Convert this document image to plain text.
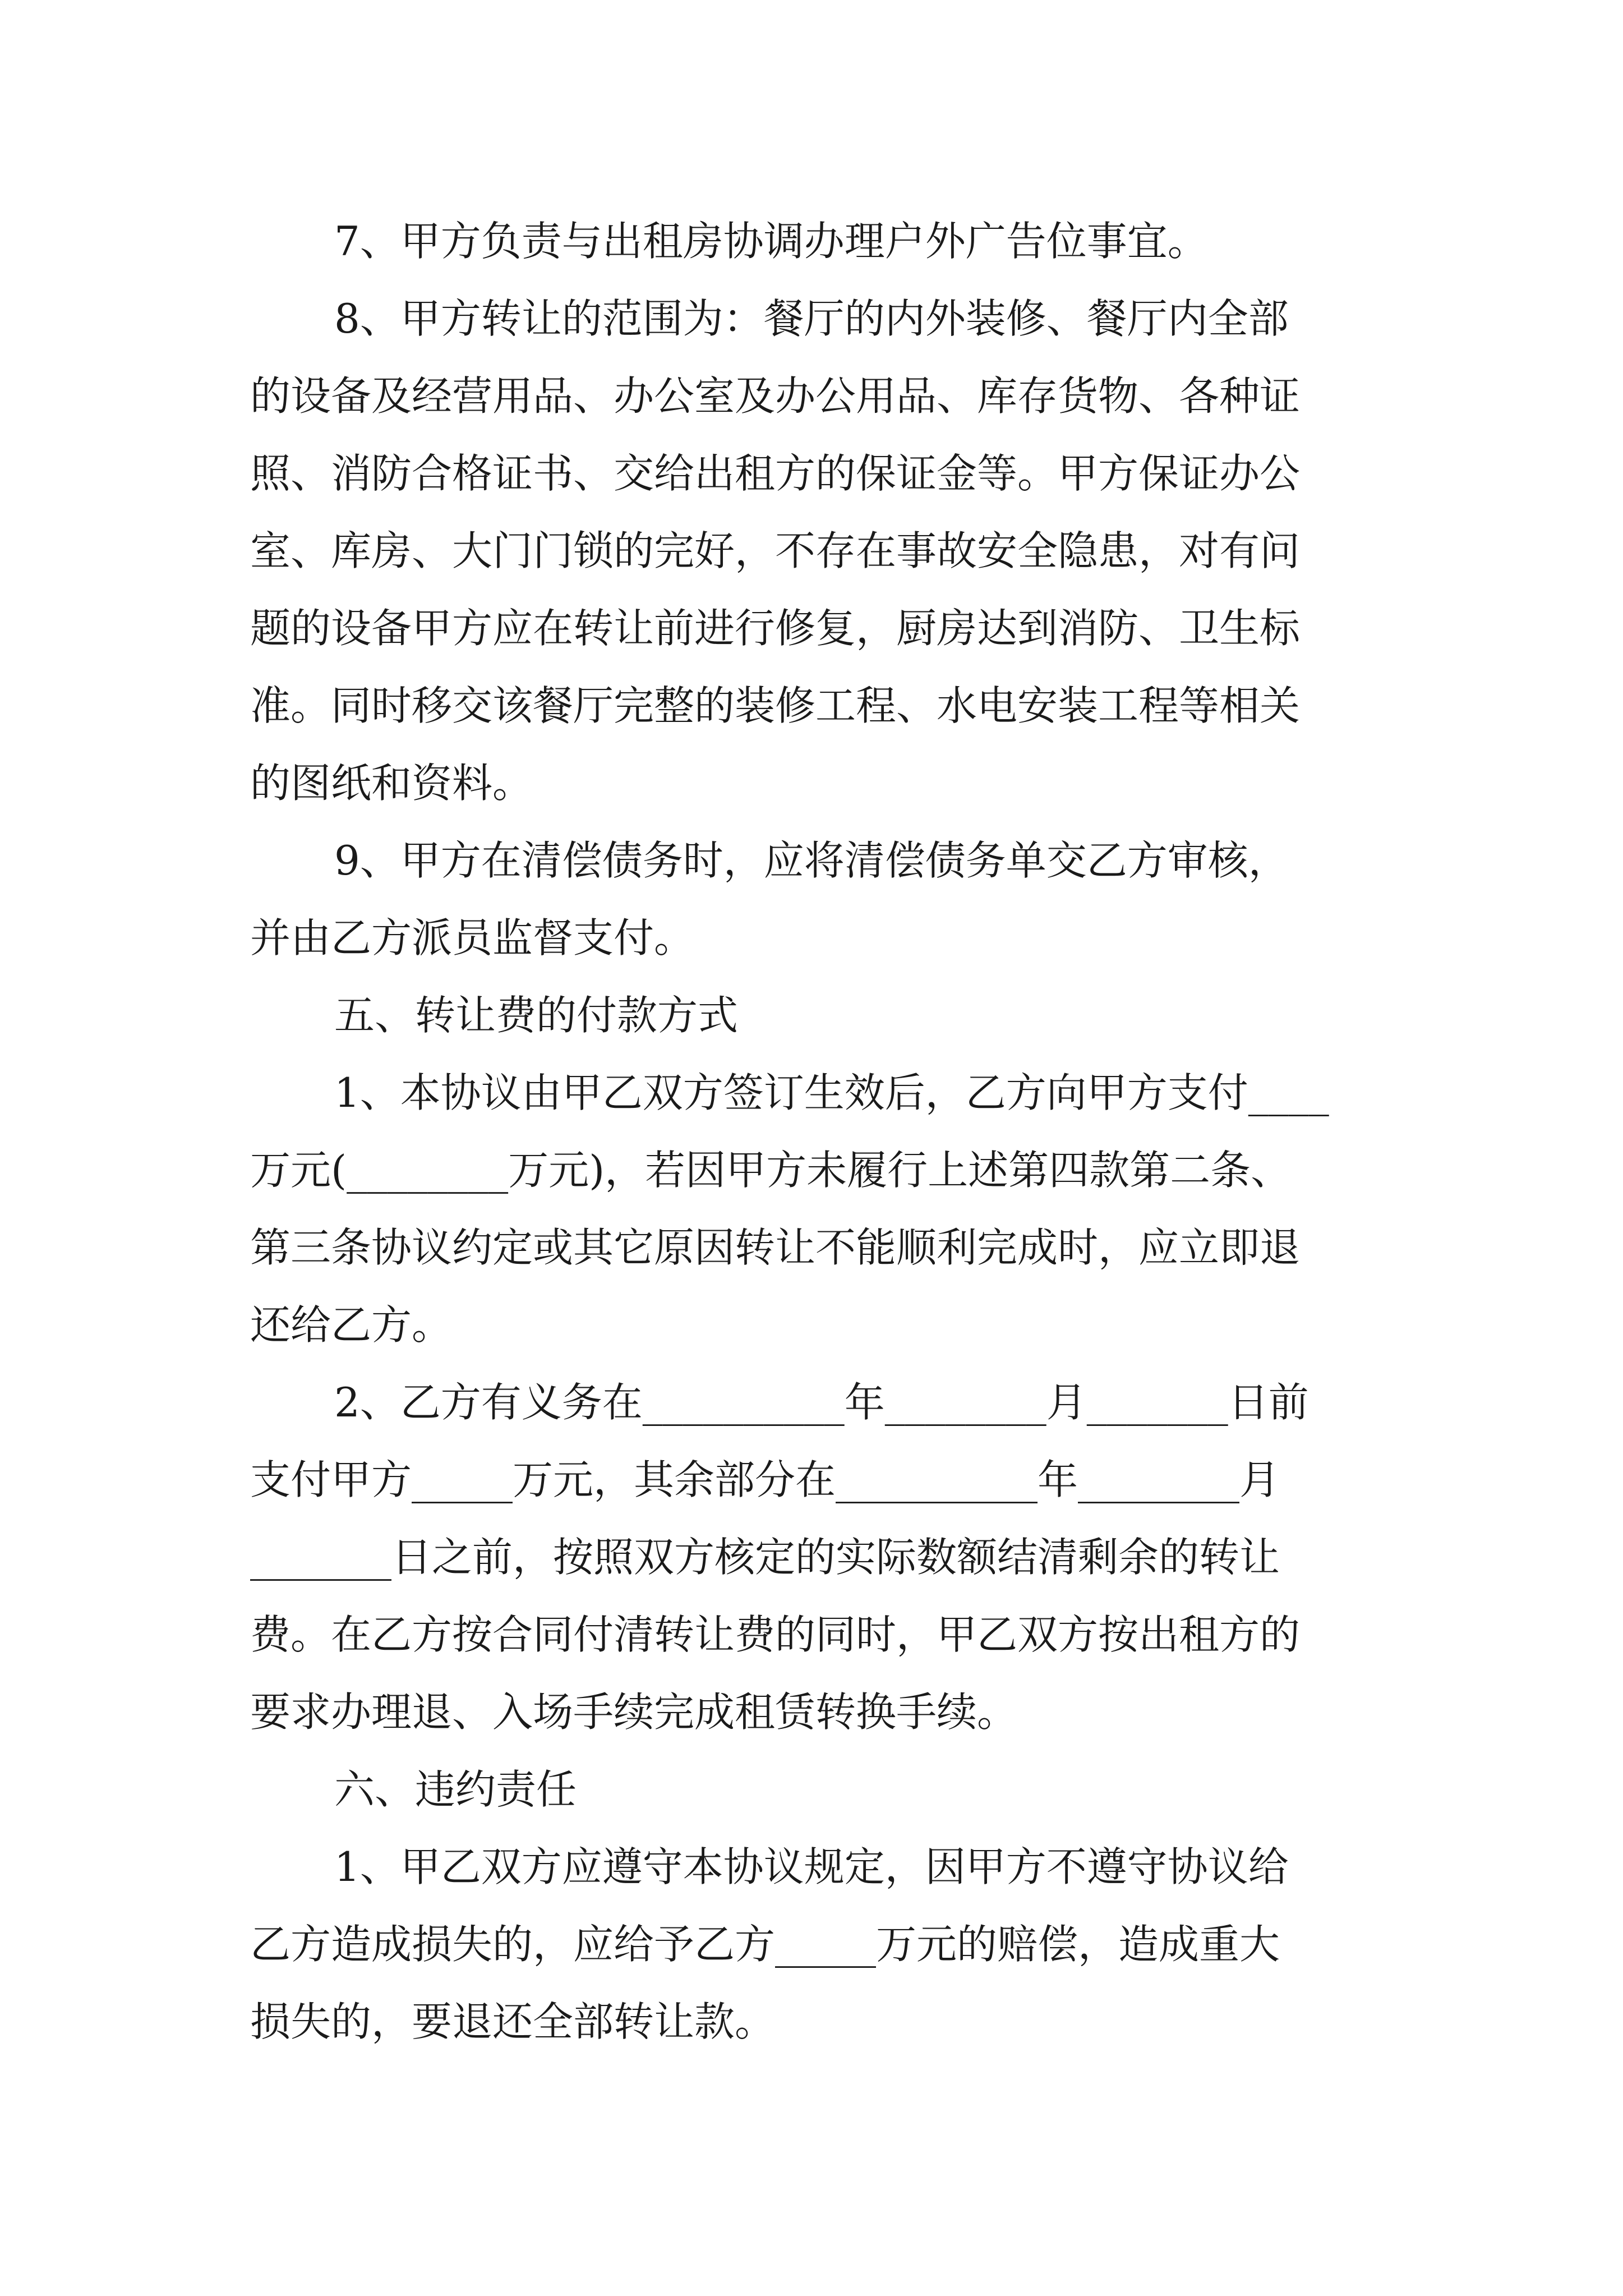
7、甲方负责与出租房协调办理户外广告位事宜。
8、甲方转让的范围为：餐厅的内外装修、餐厅内全部
的设备及经营用品、办公室及办公用品、库存货物、各种证
照、消防合格证书、交给出租方的保证金等。甲方保证办公
室、库房、大门门锁的完好，不存在事故安全隐患，对有问
题的设备甲方应在转让前进行修复，厨房达到消防、卫生标
准。同时移交该餐厅完整的装修工程、水电安装工程等相关
的图纸和资料。
9、甲方在清偿债务时，应将清偿债务单交乙方审核，
并由乙方派员监督支付。
五、转让费的付款方式
1、本协议由甲乙双方签订生效后，乙方向甲方支付____
万元(________万元)，若因甲方未履行上述第四款第二条、
第三条协议约定或其它原因转让不能顺利完成时，应立即退
还给乙方。
2、乙方有义务在__________年________月_______日前
支付甲方_____万元，其余部分在__________年________月
_______日之前，按照双方核定的实际数额结清剩余的转让
费。在乙方按合同付清转让费的同时，甲乙双方按出租方的
要求办理退、入场手续完成租赁转换手续。
六、违约责任
1、甲乙双方应遵守本协议规定，因甲方不遵守协议给
乙方造成损失的，应给予乙方_____万元的赔偿，造成重大
损失的，要退还全部转让款。
